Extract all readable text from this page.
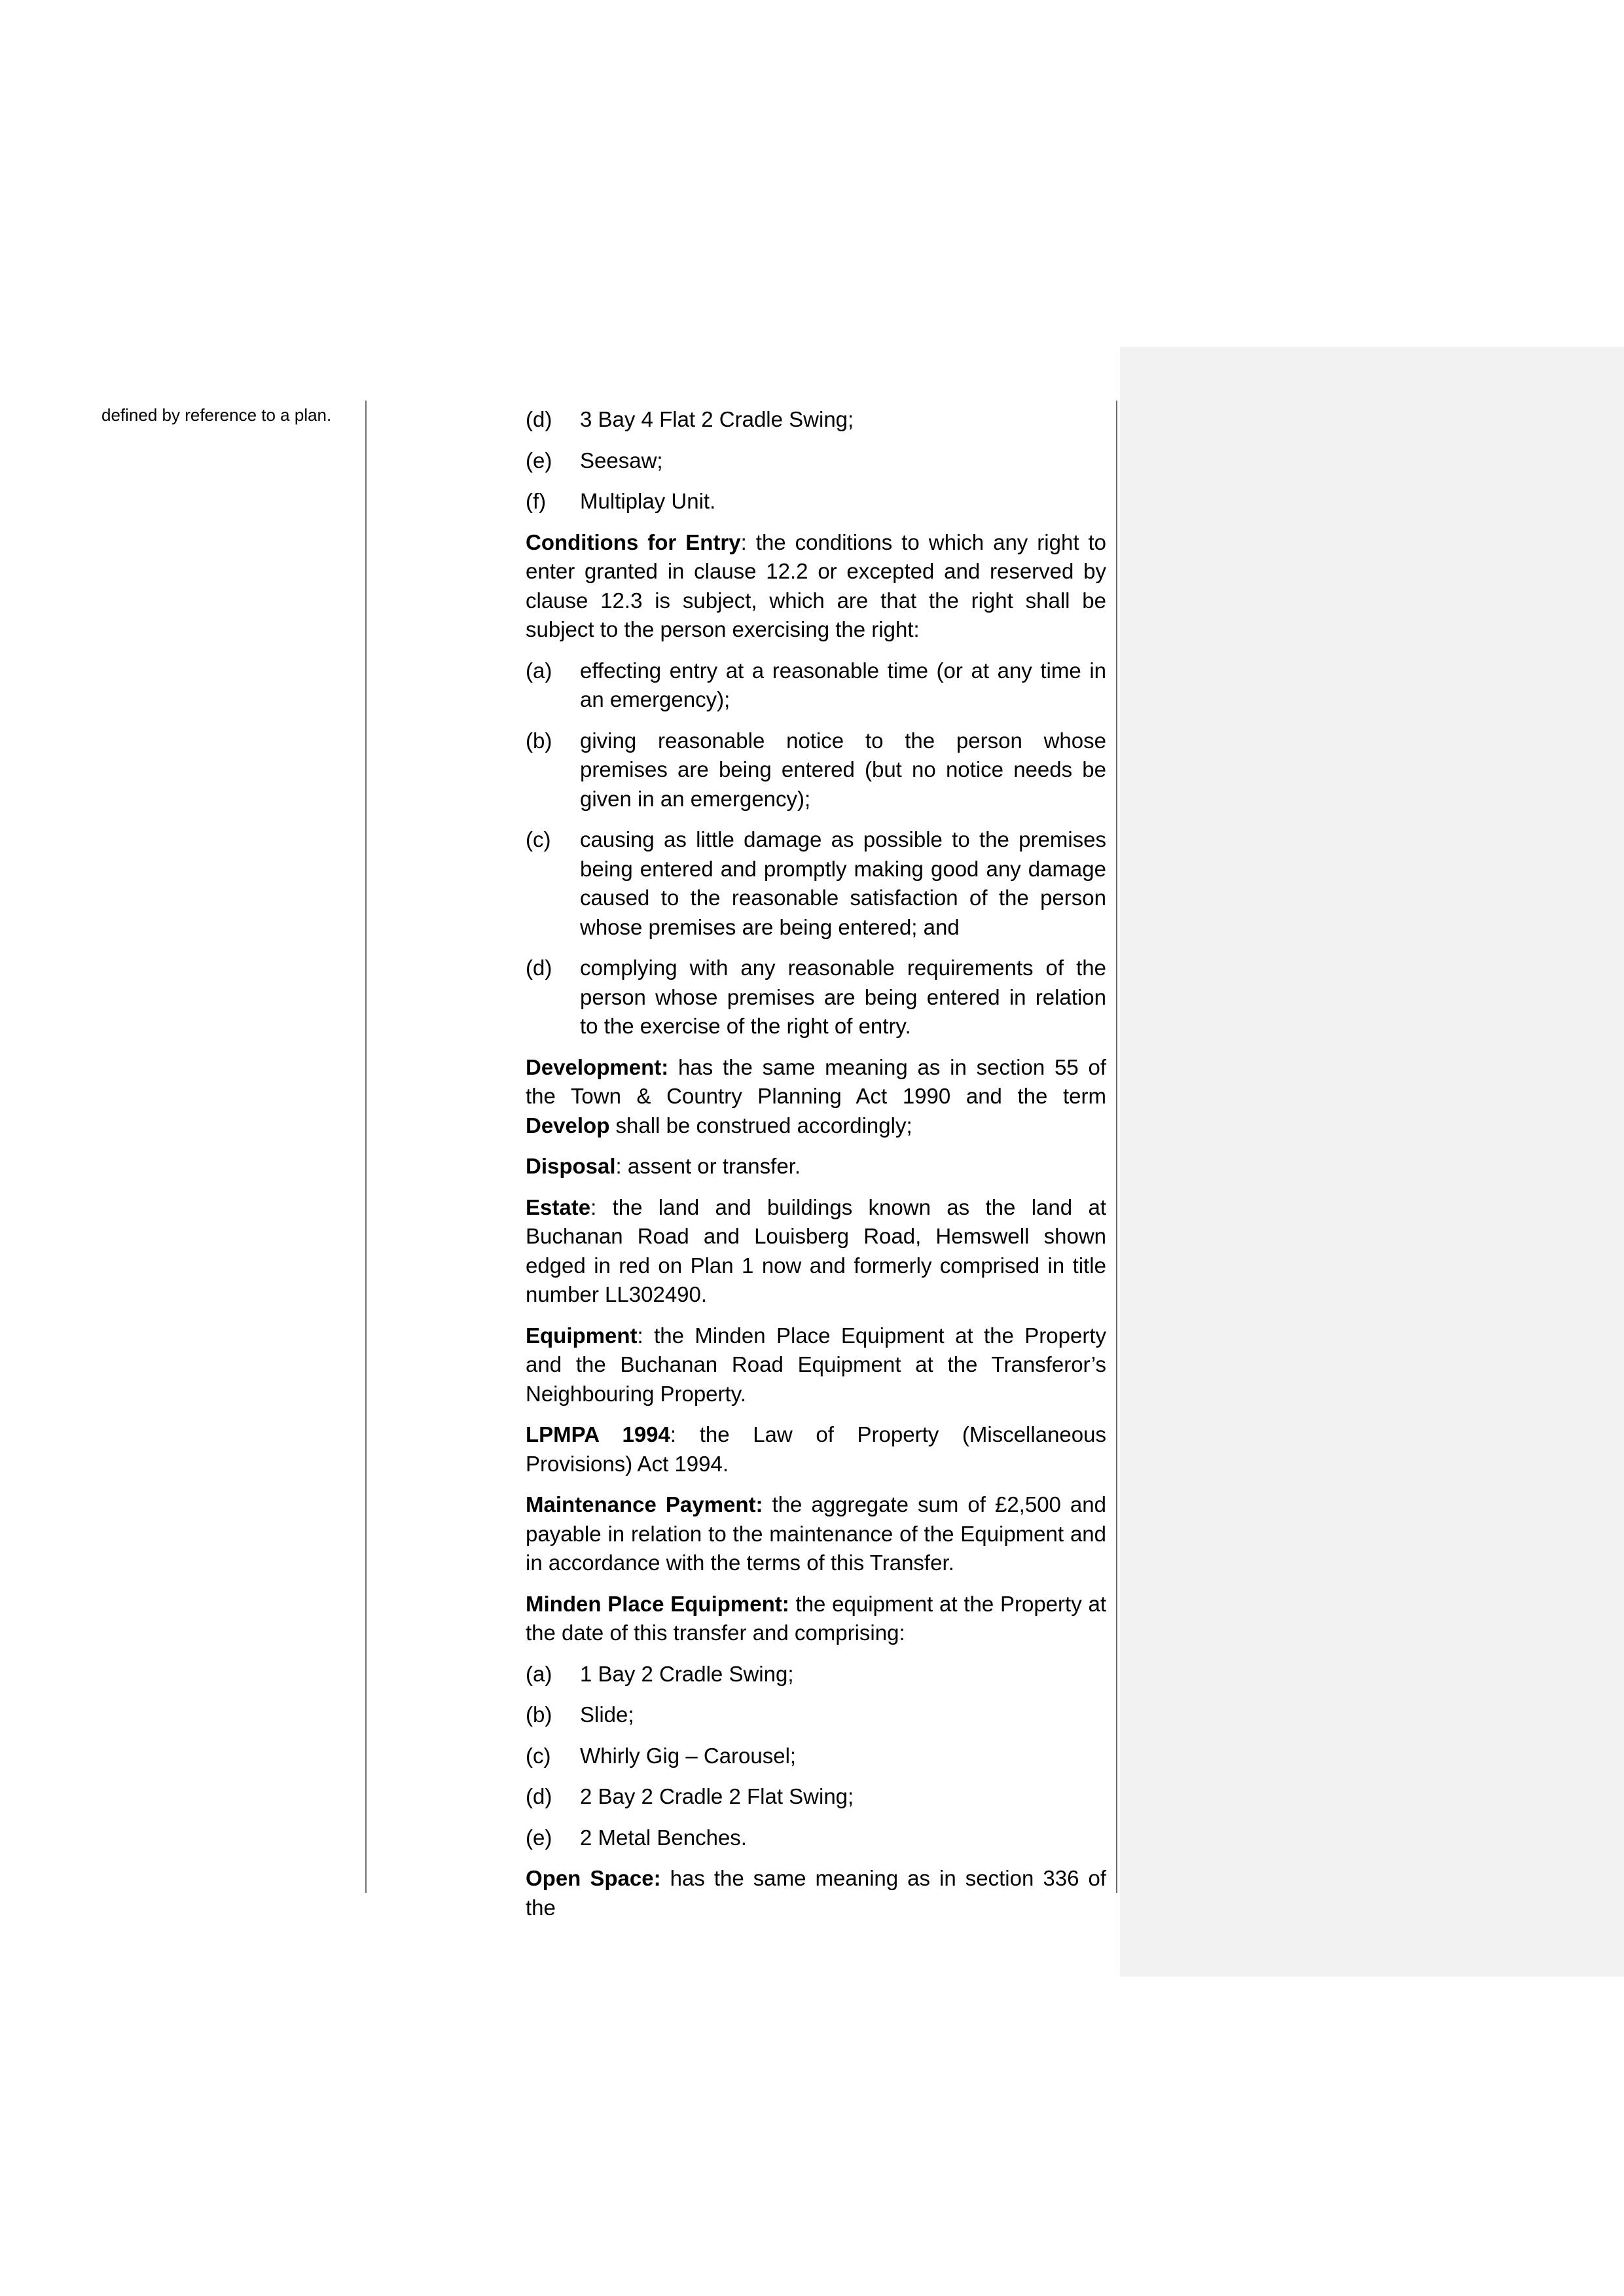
defined by reference to a plan.	(d)	3 Bay 4 Flat 2 Cradle Swing;
(e)	Seesaw;
(f)	Multiplay Unit.

Conditions for Entry: the conditions to which any right to enter granted in clause 12.2 or excepted and reserved by clause 12.3 is subject, which are that the right shall be subject to the person exercising the right:

(a)	effecting entry at a reasonable time (or at any time in an emergency);
(b)	giving reasonable notice to the person whose premises are being entered (but no notice needs be given in an emergency);
(c)	causing as little damage as possible to the premises being entered and promptly making good any damage caused to the reasonable satisfaction of the person whose premises are being entered; and
(d)	complying with any reasonable requirements of the person whose premises are being entered in relation to the exercise of the right of entry.

Development: has the same meaning as in section 55 of the Town & Country Planning Act 1990 and the term Develop shall be construed accordingly;

Disposal: assent or transfer.

Estate: the land and buildings known as the land at Buchanan Road and Louisberg Road, Hemswell shown edged in red on Plan 1 now and formerly comprised in title number LL302490.

Equipment: the Minden Place Equipment at the Property and the Buchanan Road Equipment at the Transferor’s Neighbouring Property.

LPMPA 1994: the Law of Property (Miscellaneous Provisions) Act 1994.

Maintenance Payment: the aggregate sum of £2,500 and payable in relation to the maintenance of the Equipment and in accordance with the terms of this Transfer.

Minden Place Equipment: the equipment at the Property at the date of this transfer and comprising:

(a)	1 Bay 2 Cradle Swing;
(b)	Slide;
(c)	Whirly Gig – Carousel;
(d)	2 Bay 2 Cradle 2 Flat Swing;
(e)	2 Metal Benches.

Open Space: has the same meaning as in section 336 of the
